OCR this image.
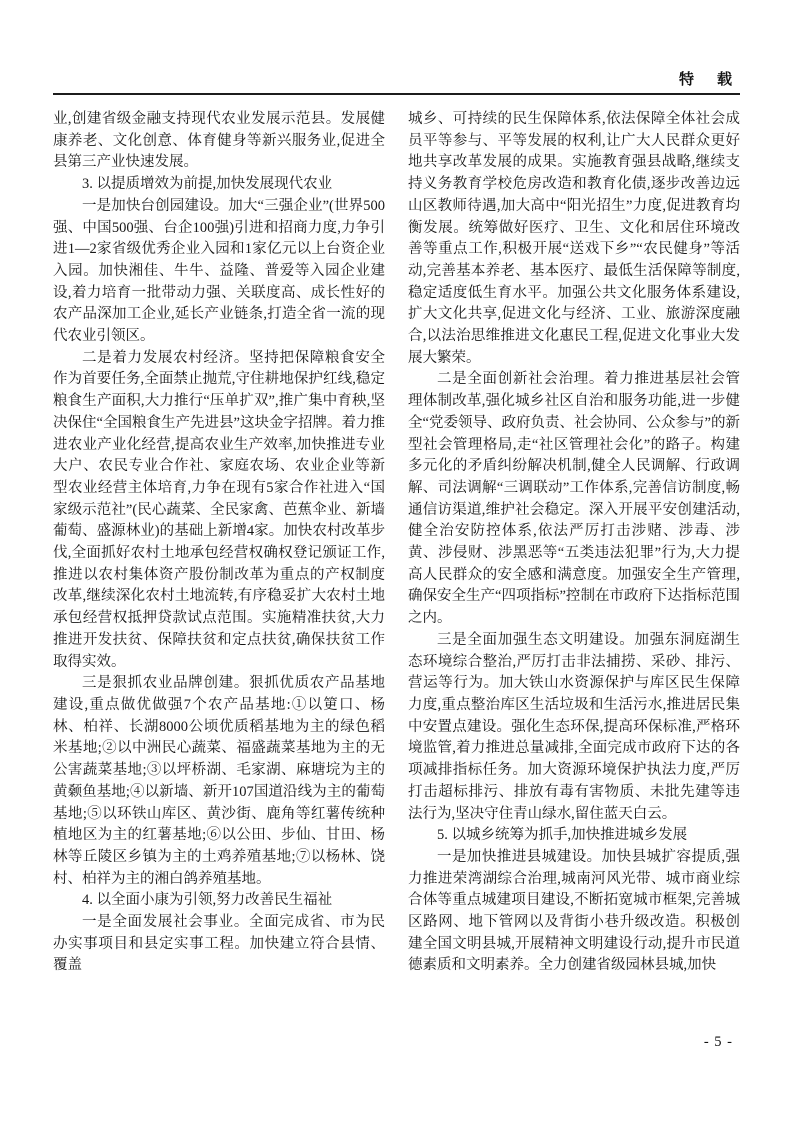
特　载

业,创建省级金融支持现代农业发展示范县。发展健康养老、文化创意、体育健身等新兴服务业,促进全县第三产业快速发展。

3. 以提质增效为前提,加快发展现代农业

一是加快台创园建设。加大“三强企业”(世界500强、中国500强、台企100强)引进和招商力度,力争引进1—2家省级优秀企业入园和1家亿元以上台资企业入园。加快湘佳、牛牛、益隆、普爱等入园企业建设,着力培育一批带动力强、关联度高、成长性好的农产品深加工企业,延长产业链条,打造全省一流的现代农业引领区。

二是着力发展农村经济。坚持把保障粮食安全作为首要任务,全面禁止抛荒,守住耕地保护红线,稳定粮食生产面积,大力推行“压单扩双”,推广集中育秧,坚决保住“全国粮食生产先进县”这块金字招牌。着力推进农业产业化经营,提高农业生产效率,加快推进专业大户、农民专业合作社、家庭农场、农业企业等新型农业经营主体培育,力争在现有5家合作社进入“国家级示范社”(民心蔬菜、全民家禽、芭蕉伞业、新墙葡萄、盛源林业)的基础上新增4家。加快农村改革步伐,全面抓好农村土地承包经营权确权登记颁证工作,推进以农村集体资产股份制改革为重点的产权制度改革,继续深化农村土地流转,有序稳妥扩大农村土地承包经营权抵押贷款试点范围。实施精准扶贫,大力推进开发扶贫、保障扶贫和定点扶贫,确保扶贫工作取得实效。

三是狠抓农业品牌创建。狠抓优质农产品基地建设,重点做优做强7个农产品基地:①以筻口、杨林、柏祥、长湖8000公顷优质稻基地为主的绿色稻米基地;②以中洲民心蔬菜、福盛蔬菜基地为主的无公害蔬菜基地;③以坪桥湖、毛家湖、麻塘垸为主的黄颡鱼基地;④以新墙、新开107国道沿线为主的葡萄基地;⑤以环铁山库区、黄沙街、鹿角等红薯传统种植地区为主的红薯基地;⑥以公田、步仙、甘田、杨林等丘陵区乡镇为主的土鸡养殖基地;⑦以杨林、饶村、柏祥为主的湘白鸽养殖基地。

4. 以全面小康为引领,努力改善民生福祉

一是全面发展社会事业。全面完成省、市为民办实事项目和县定实事工程。加快建立符合县情、覆盖

城乡、可持续的民生保障体系,依法保障全体社会成员平等参与、平等发展的权利,让广大人民群众更好地共享改革发展的成果。实施教育强县战略,继续支持义务教育学校危房改造和教育化债,逐步改善边远山区教师待遇,加大高中“阳光招生”力度,促进教育均衡发展。统筹做好医疗、卫生、文化和居住环境改善等重点工作,积极开展“送戏下乡”“农民健身”等活动,完善基本养老、基本医疗、最低生活保障等制度,稳定适度低生育水平。加强公共文化服务体系建设,扩大文化共享,促进文化与经济、工业、旅游深度融合,以法治思维推进文化惠民工程,促进文化事业大发展大繁荣。

二是全面创新社会治理。着力推进基层社会管理体制改革,强化城乡社区自治和服务功能,进一步健全“党委领导、政府负责、社会协同、公众参与”的新型社会管理格局,走“社区管理社会化”的路子。构建多元化的矛盾纠纷解决机制,健全人民调解、行政调解、司法调解“三调联动”工作体系,完善信访制度,畅通信访渠道,维护社会稳定。深入开展平安创建活动,健全治安防控体系,依法严厉打击涉赌、涉毒、涉黄、涉侵财、涉黑恶等“五类违法犯罪”行为,大力提高人民群众的安全感和满意度。加强安全生产管理,确保安全生产“四项指标”控制在市政府下达指标范围之内。

三是全面加强生态文明建设。加强东洞庭湖生态环境综合整治,严厉打击非法捕捞、采砂、排污、营运等行为。加大铁山水资源保护与库区民生保障力度,重点整治库区生活垃圾和生活污水,推进居民集中安置点建设。强化生态环保,提高环保标准,严格环境监管,着力推进总量减排,全面完成市政府下达的各项减排指标任务。加大资源环境保护执法力度,严厉打击超标排污、排放有毒有害物质、未批先建等违法行为,坚决守住青山绿水,留住蓝天白云。

5. 以城乡统筹为抓手,加快推进城乡发展

一是加快推进县城建设。加快县城扩容提质,强力推进荣湾湖综合治理,城南河风光带、城市商业综合体等重点城建项目建设,不断拓宽城市框架,完善城区路网、地下管网以及背街小巷升级改造。积极创建全国文明县城,开展精神文明建设行动,提升市民道德素质和文明素养。全力创建省级园林县城,加快

- 5 -
